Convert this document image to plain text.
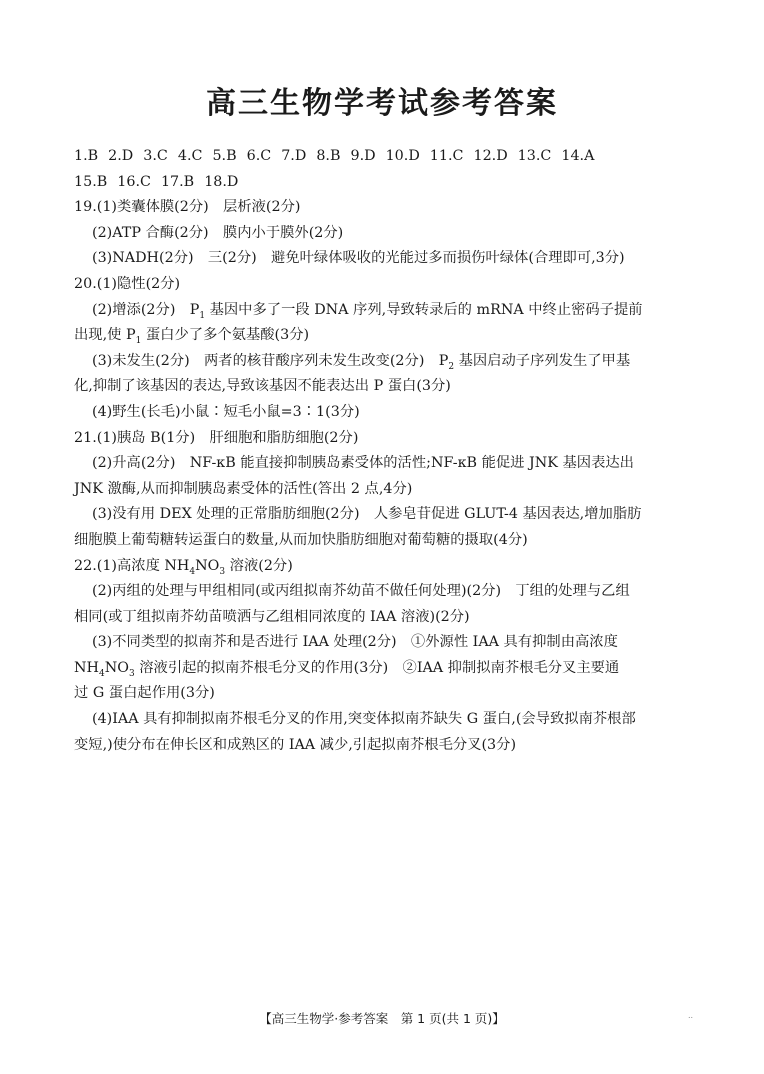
高三生物学考试参考答案
1.B 2.D 3.C 4.C 5.B 6.C 7.D 8.B 9.D 10.D 11.C 12.D 13.C 14.A
15.B 16.C 17.B 18.D
19.(1)类囊体膜(2分)　层析液(2分)
(2)ATP 合酶(2分)　膜内小于膜外(2分)
(3)NADH(2分)　三(2分)　避免叶绿体吸收的光能过多而损伤叶绿体(合理即可,3分)
20.(1)隐性(2分)
(2)增添(2分)　$P_1$ 基因中多了一段 DNA 序列,导致转录后的 mRNA 中终止密码子提前
出现,使 $P_1$ 蛋白少了多个氨基酸(3分)
(3)未发生(2分)　两者的核苷酸序列未发生改变(2分)　$P_2$ 基因启动子序列发生了甲基
化,抑制了该基因的表达,导致该基因不能表达出 P 蛋白(3分)
(4)野生(长毛)小鼠∶短毛小鼠=3∶1(3分)
21.(1)胰岛 B(1分)　肝细胞和脂肪细胞(2分)
(2)升高(2分)　NF-κB 能直接抑制胰岛素受体的活性;NF-κB 能促进 JNK 基因表达出
JNK 激酶,从而抑制胰岛素受体的活性(答出 2 点,4分)
(3)没有用 DEX 处理的正常脂肪细胞(2分)　人参皂苷促进 GLUT-4 基因表达,增加脂肪
细胞膜上葡萄糖转运蛋白的数量,从而加快脂肪细胞对葡萄糖的摄取(4分)
22.(1)高浓度 $NH_4NO_3$ 溶液(2分)
(2)丙组的处理与甲组相同(或丙组拟南芥幼苗不做任何处理)(2分)　丁组的处理与乙组
相同(或丁组拟南芥幼苗喷洒与乙组相同浓度的 IAA 溶液)(2分)
(3)不同类型的拟南芥和是否进行 IAA 处理(2分)　①外源性 IAA 具有抑制由高浓度
$NH_4NO_3$ 溶液引起的拟南芥根毛分叉的作用(3分)　②IAA 抑制拟南芥根毛分叉主要通
过 G 蛋白起作用(3分)
(4)IAA 具有抑制拟南芥根毛分叉的作用,突变体拟南芥缺失 G 蛋白,(会导致拟南芥根部
变短,)使分布在伸长区和成熟区的 IAA 减少,引起拟南芥根毛分叉(3分)
【高三生物学·参考答案　第 1 页(共 1 页)】	..
